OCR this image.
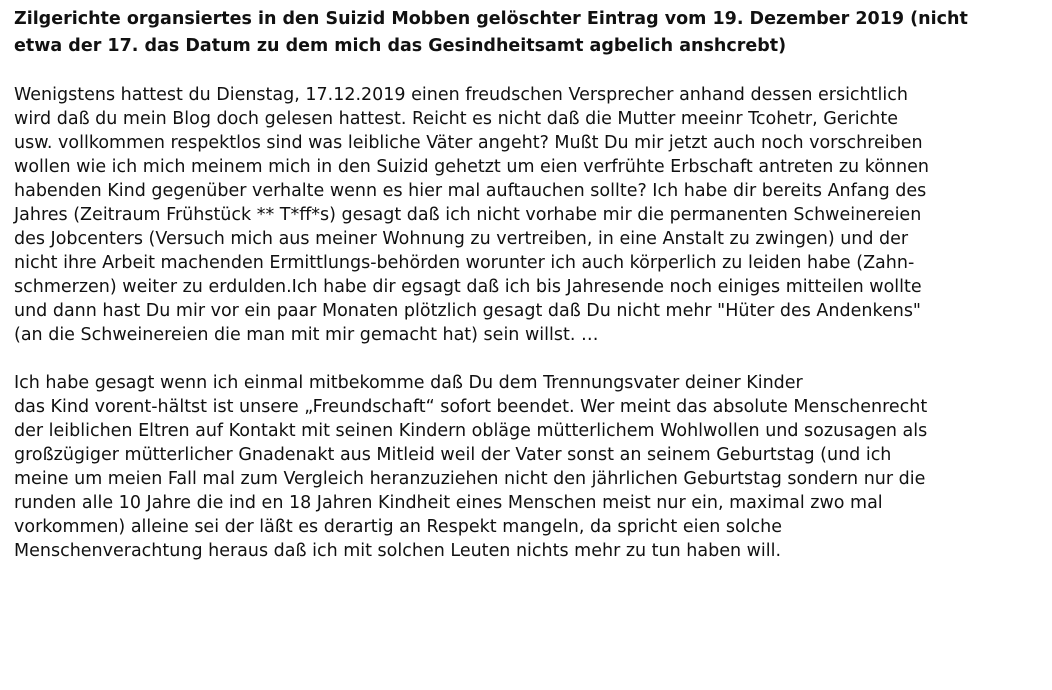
Zilgerichte organsiertes in den Suizid Mobben gelöschter Eintrag vom 19. Dezember 2019 (nicht
etwa der 17. das Datum zu dem mich das Gesindheitsamt agbelich anshcrebt)
Wenigstens hattest du Dienstag, 17.12.2019 einen freudschen Versprecher anhand dessen ersichtlich
wird daß du mein Blog doch gelesen hattest. Reicht es nicht daß die Mutter meeinr Tcohetr, Gerichte
usw. vollkommen respektlos sind was leibliche Väter angeht? Mußt Du mir jetzt auch noch vorschreiben
wollen wie ich mich meinem mich in den Suizid gehetzt um eien verfrühte Erbschaft antreten zu können
habenden Kind gegenüber verhalte wenn es hier mal auftauchen sollte? Ich habe dir bereits Anfang des
Jahres (Zeitraum Frühstück ** T*ff*s) gesagt daß ich nicht vorhabe mir die permanenten Schweinereien
des Jobcenters (Versuch mich aus meiner Wohnung zu vertreiben, in eine Anstalt zu zwingen) und der
nicht ihre Arbeit machenden Ermittlungs-behörden worunter ich auch körperlich zu leiden habe (Zahn-
schmerzen) weiter zu erdulden.Ich habe dir egsagt daß ich bis Jahresende noch einiges mitteilen wollte
und dann hast Du mir vor ein paar Monaten plötzlich gesagt daß Du nicht mehr "Hüter des Andenkens"
(an die Schweinereien die man mit mir gemacht hat) sein willst. …
Ich habe gesagt wenn ich einmal mitbekomme daß Du dem Trennungsvater deiner Kinder
das Kind vorent-hältst ist unsere „Freundschaft“ sofort beendet. Wer meint das absolute Menschenrecht
der leiblichen Eltren auf Kontakt mit seinen Kindern obläge mütterlichem Wohlwollen und sozusagen als
großzügiger mütterlicher Gnadenakt aus Mitleid weil der Vater sonst an seinem Geburtstag (und ich
meine um meien Fall mal zum Vergleich heranzuziehen nicht den jährlichen Geburtstag sondern nur die
runden alle 10 Jahre die ind en 18 Jahren Kindheit eines Menschen meist nur ein, maximal zwo mal
vorkommen) alleine sei der läßt es derartig an Respekt mangeln, da spricht eien solche
Menschenverachtung heraus daß ich mit solchen Leuten nichts mehr zu tun haben will.
